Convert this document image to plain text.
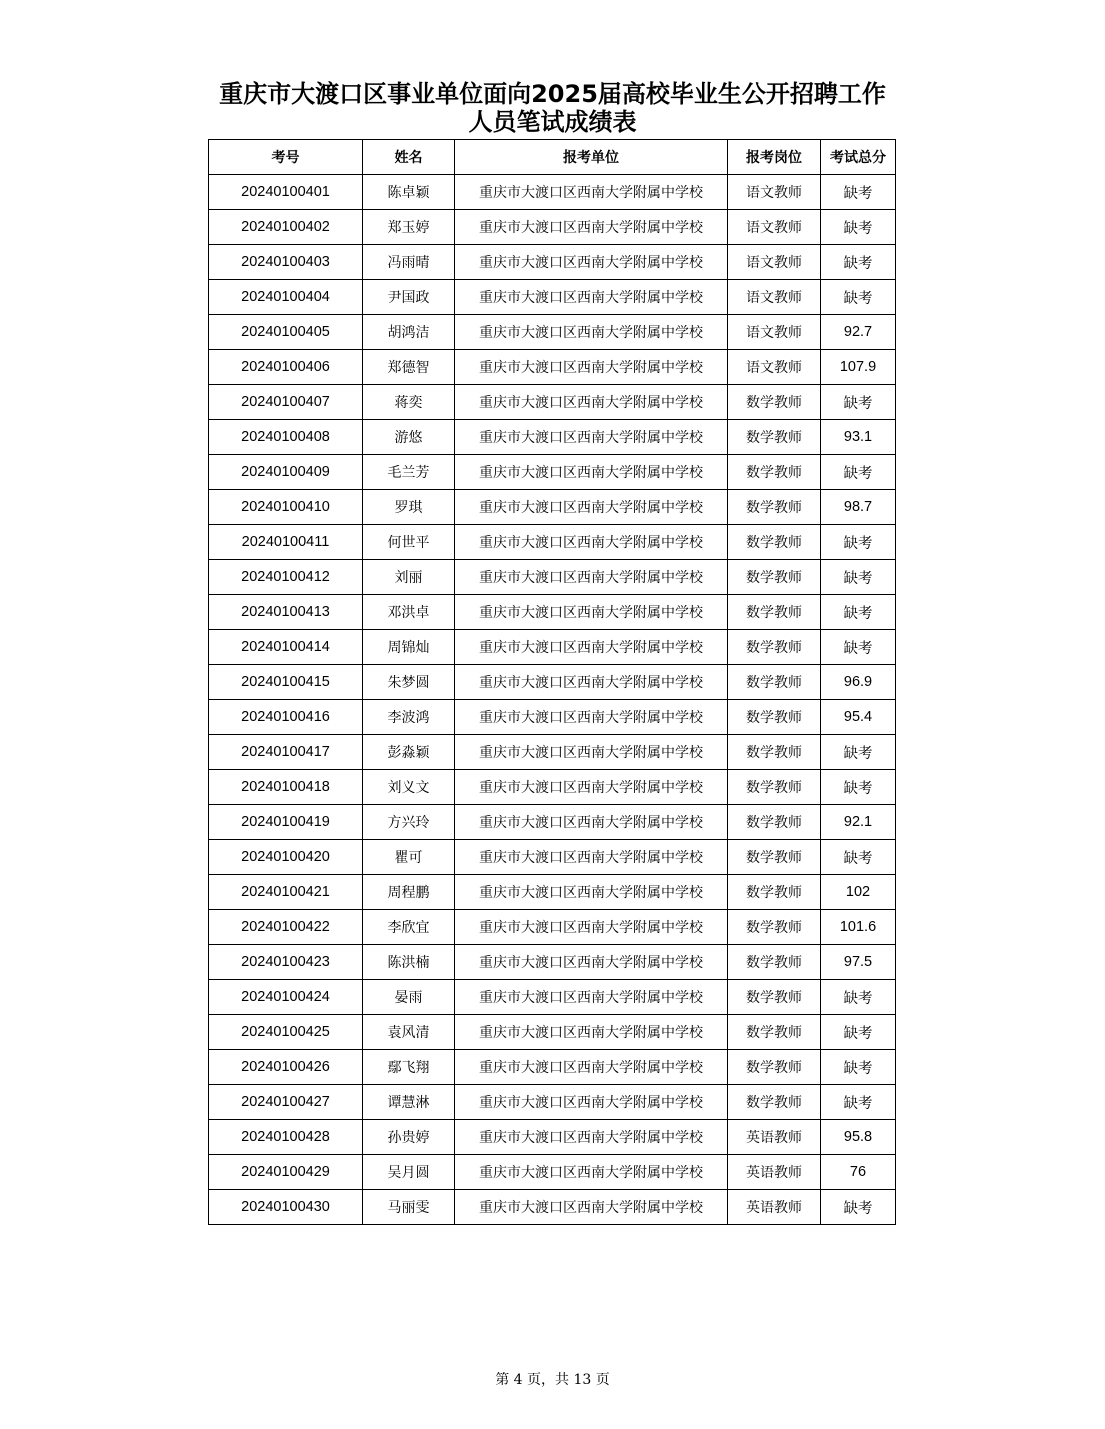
重庆市大渡口区事业单位面向2025届高校毕业生公开招聘工作
人员笔试成绩表
考号	姓名	报考单位	报考岗位	考试总分
20240100401	陈卓颖	重庆市大渡口区西南大学附属中学校	语文教师	缺考
20240100402	郑玉婷	重庆市大渡口区西南大学附属中学校	语文教师	缺考
20240100403	冯雨晴	重庆市大渡口区西南大学附属中学校	语文教师	缺考
20240100404	尹国政	重庆市大渡口区西南大学附属中学校	语文教师	缺考
20240100405	胡鸿洁	重庆市大渡口区西南大学附属中学校	语文教师	92.7
20240100406	郑德智	重庆市大渡口区西南大学附属中学校	语文教师	107.9
20240100407	蒋奕	重庆市大渡口区西南大学附属中学校	数学教师	缺考
20240100408	游悠	重庆市大渡口区西南大学附属中学校	数学教师	93.1
20240100409	毛兰芳	重庆市大渡口区西南大学附属中学校	数学教师	缺考
20240100410	罗琪	重庆市大渡口区西南大学附属中学校	数学教师	98.7
20240100411	何世平	重庆市大渡口区西南大学附属中学校	数学教师	缺考
20240100412	刘丽	重庆市大渡口区西南大学附属中学校	数学教师	缺考
20240100413	邓洪卓	重庆市大渡口区西南大学附属中学校	数学教师	缺考
20240100414	周锦灿	重庆市大渡口区西南大学附属中学校	数学教师	缺考
20240100415	朱梦圆	重庆市大渡口区西南大学附属中学校	数学教师	96.9
20240100416	李波鸿	重庆市大渡口区西南大学附属中学校	数学教师	95.4
20240100417	彭淼颖	重庆市大渡口区西南大学附属中学校	数学教师	缺考
20240100418	刘义文	重庆市大渡口区西南大学附属中学校	数学教师	缺考
20240100419	方兴玲	重庆市大渡口区西南大学附属中学校	数学教师	92.1
20240100420	瞿可	重庆市大渡口区西南大学附属中学校	数学教师	缺考
20240100421	周程鹏	重庆市大渡口区西南大学附属中学校	数学教师	102
20240100422	李欣宜	重庆市大渡口区西南大学附属中学校	数学教师	101.6
20240100423	陈洪楠	重庆市大渡口区西南大学附属中学校	数学教师	97.5
20240100424	晏雨	重庆市大渡口区西南大学附属中学校	数学教师	缺考
20240100425	袁风清	重庆市大渡口区西南大学附属中学校	数学教师	缺考
20240100426	鄢飞翔	重庆市大渡口区西南大学附属中学校	数学教师	缺考
20240100427	谭慧淋	重庆市大渡口区西南大学附属中学校	数学教师	缺考
20240100428	孙贵婷	重庆市大渡口区西南大学附属中学校	英语教师	95.8
20240100429	吴月圆	重庆市大渡口区西南大学附属中学校	英语教师	76
20240100430	马丽雯	重庆市大渡口区西南大学附属中学校	英语教师	缺考
第 4 页，共 13 页
